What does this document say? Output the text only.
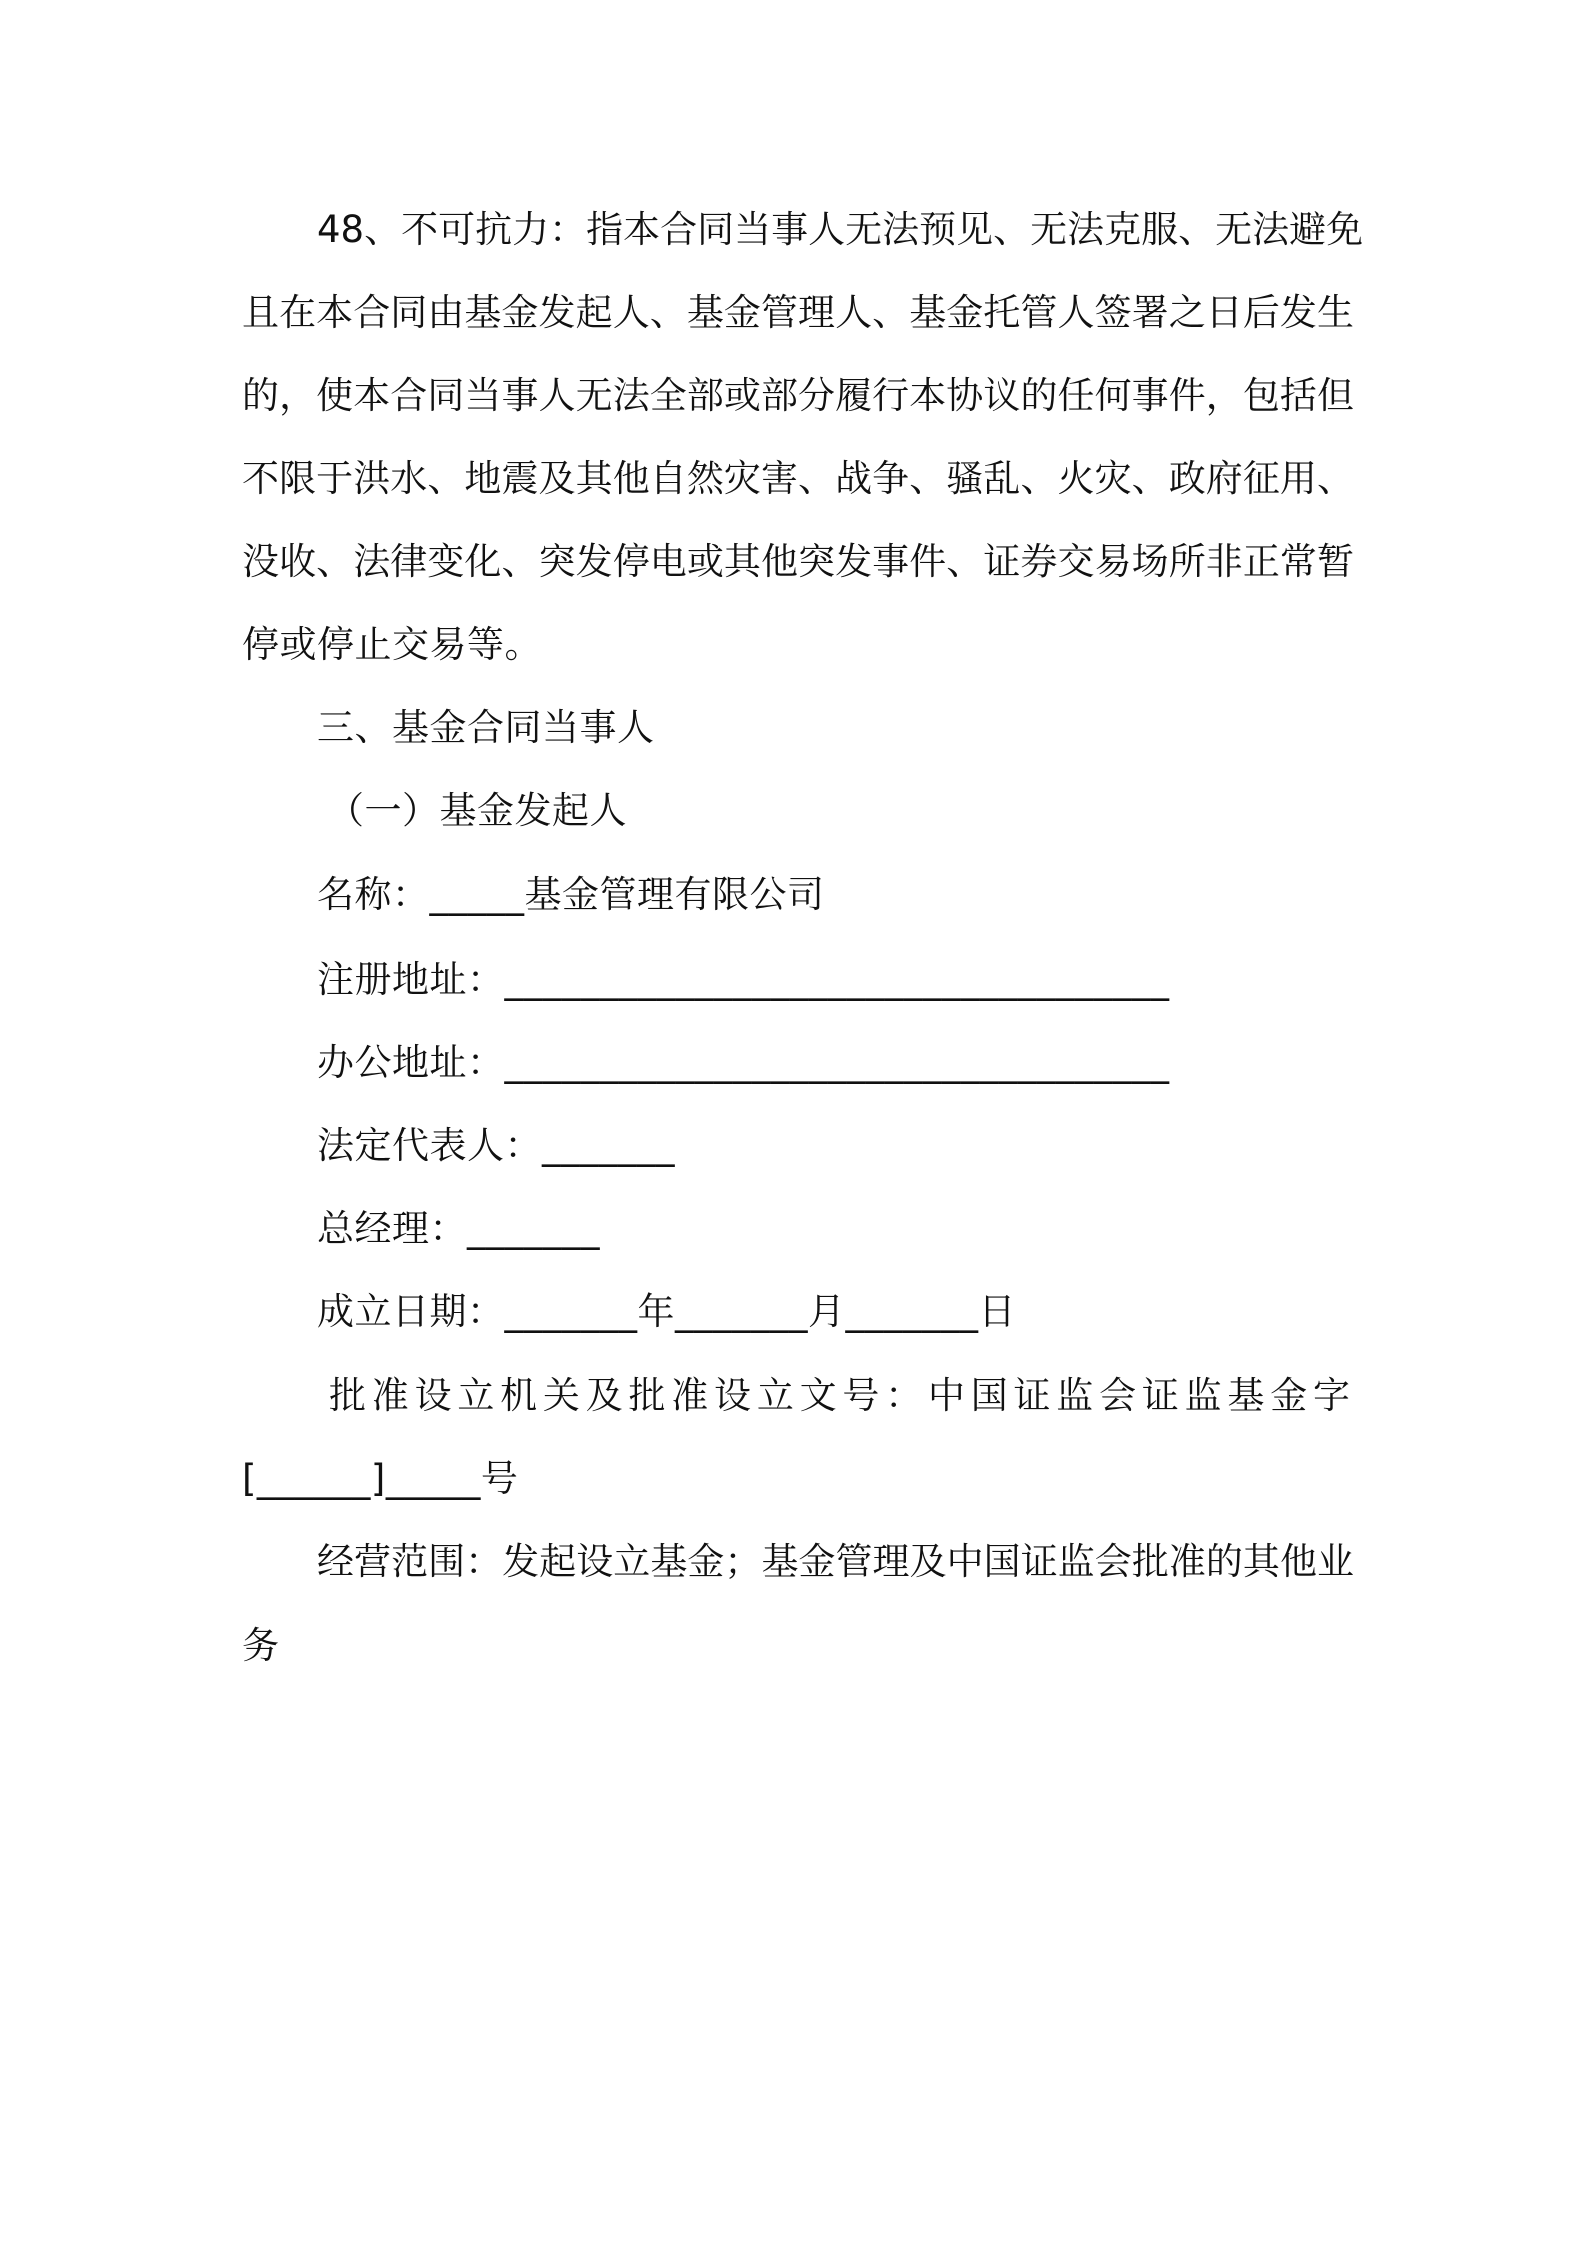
48、不可抗力：指本合同当事人无法预见、无法克服、无法避免
且在本合同由基金发起人、基金管理人、基金托管人签署之日后发生
的，使本合同当事人无法全部或部分履行本协议的任何事件，包括但
不限于洪水、地震及其他自然灾害、战争、骚乱、火灾、政府征用、
没收、法律变化、突发停电或其他突发事件、证券交易场所非正常暂
停或停止交易等。
三、基金合同当事人
（一）基金发起人
名称：_____基金管理有限公司
注册地址：___________________________________
办公地址：___________________________________
法定代表人：_______
总经理：_______
成立日期：_______年_______月_______日
批准设立机关及批准设立文号：中国证监会证监基金字
[______]_____号
经营范围：发起设立基金；基金管理及中国证监会批准的其他业
务
